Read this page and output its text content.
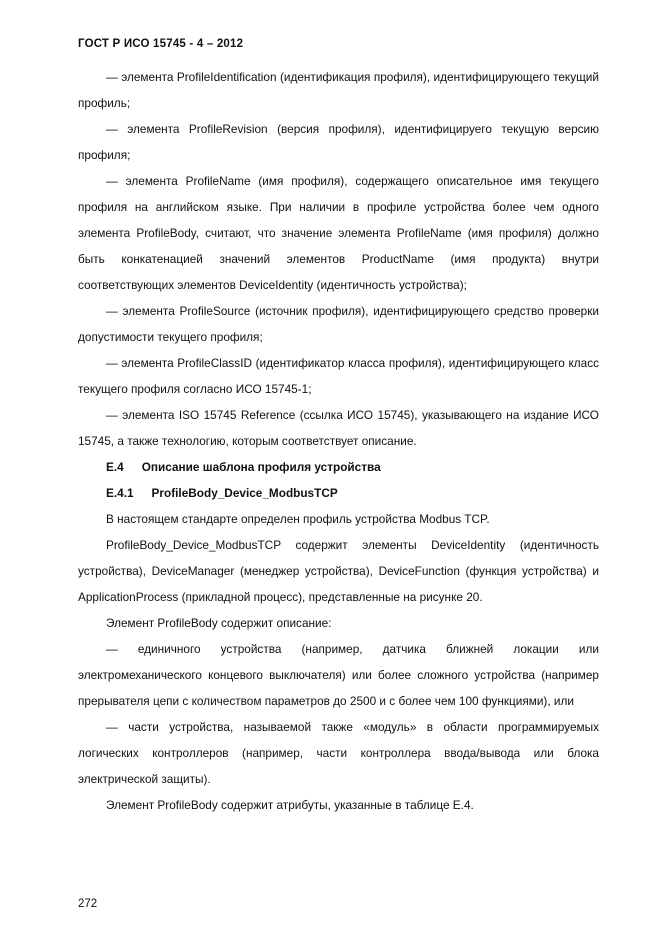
ГОСТ Р ИСО 15745 - 4 – 2012

— элемента ProfileIdentification (идентификация профиля), идентифицирующего текущий профиль;

— элемента ProfileRevision (версия профиля), идентифицируего текущую версию профиля;

— элемента ProfileName (имя профиля), содержащего описательное имя текущего профиля на английском языке. При наличии в профиле устройства более чем одного элемента ProfileBody, считают, что значение элемента ProfileName (имя профиля) должно быть конкатенацией значений элементов ProductName (имя продукта) внутри соответствующих элементов DeviceIdentity (идентичность устройства);

— элемента ProfileSource (источник профиля), идентифицирующего средство проверки допустимости текущего профиля;

— элемента ProfileClassID (идентификатор класса профиля), идентифицирующего класс текущего профиля согласно ИСО 15745-1;

— элемента ISO 15745 Reference (ссылка ИСО 15745), указывающего на издание ИСО 15745, а также технологию, которым соответствует описание.

Е.4 Описание шаблона профиля устройства
Е.4.1 ProfileBody_Device_ModbusTCP

В настоящем стандарте определен профиль устройства Modbus TCP.

ProfileBody_Device_ModbusTCP содержит элементы DeviceIdentity (идентичность устройства), DeviceManager (менеджер устройства), DeviceFunction (функция устройства) и ApplicationProcess (прикладной процесс), представленные на рисунке 20.

Элемент ProfileBody содержит описание:

— единичного устройства (например, датчика ближней локации или электромеханического концевого выключателя) или более сложного устройства (например прерывателя цепи с количеством параметров до 2500 и с более чем 100 функциями), или

— части устройства, называемой также «модуль» в области программируемых логических контроллеров (например, части контроллера ввода/вывода или блока электрической защиты).

Элемент ProfileBody содержит атрибуты, указанные в таблице Е.4.

272
